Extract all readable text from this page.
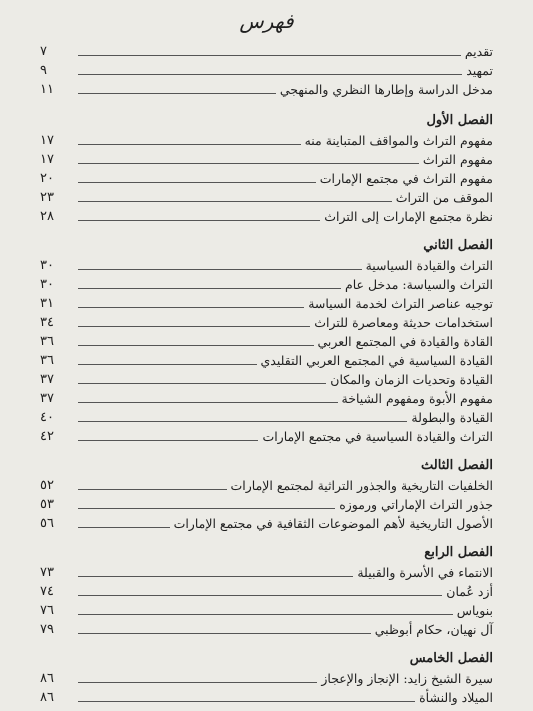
فهرس
تقديم
٧
تمهيد
٩
مدخل الدراسة وإطارها النظري والمنهجي
١١
الفصل الأول
مفهوم التراث والمواقف المتباينة منه
١٧
مفهوم التراث
١٧
مفهوم التراث في مجتمع الإمارات
٢٠
الموقف من التراث
٢٣
نظرة مجتمع الإمارات إلى التراث
٢٨
الفصل الثاني
التراث والقيادة السياسية
٣٠
التراث والسياسة: مدخل عام
٣٠
توجيه عناصر التراث لخدمة السياسة
٣١
استخدامات حديثة ومعاصرة للتراث
٣٤
القادة والقيادة في المجتمع العربي
٣٦
القيادة السياسية في المجتمع العربي التقليدي
٣٦
القيادة وتحديات الزمان والمكان
٣٧
مفهوم الأبوة ومفهوم الشياخة
٣٧
القيادة والبطولة
٤٠
التراث والقيادة السياسية في مجتمع الإمارات
٤٢
الفصل الثالث
الخلفيات التاريخية والجذور التراثية لمجتمع الإمارات
٥٢
جذور التراث الإماراتي ورموزه
٥٣
الأصول التاريخية لأهم الموضوعات الثقافية في مجتمع الإمارات
٥٦
الفصل الرابع
الانتماء في الأسرة والقبيلة
٧٣
أزد عُمان
٧٤
بنوياس
٧٦
آل نهيان، حكام أبوظبي
٧٩
الفصل الخامس
سيرة الشيخ زايد: الإنجاز والإعجاز
٨٦
الميلاد والنشأة
٨٦
